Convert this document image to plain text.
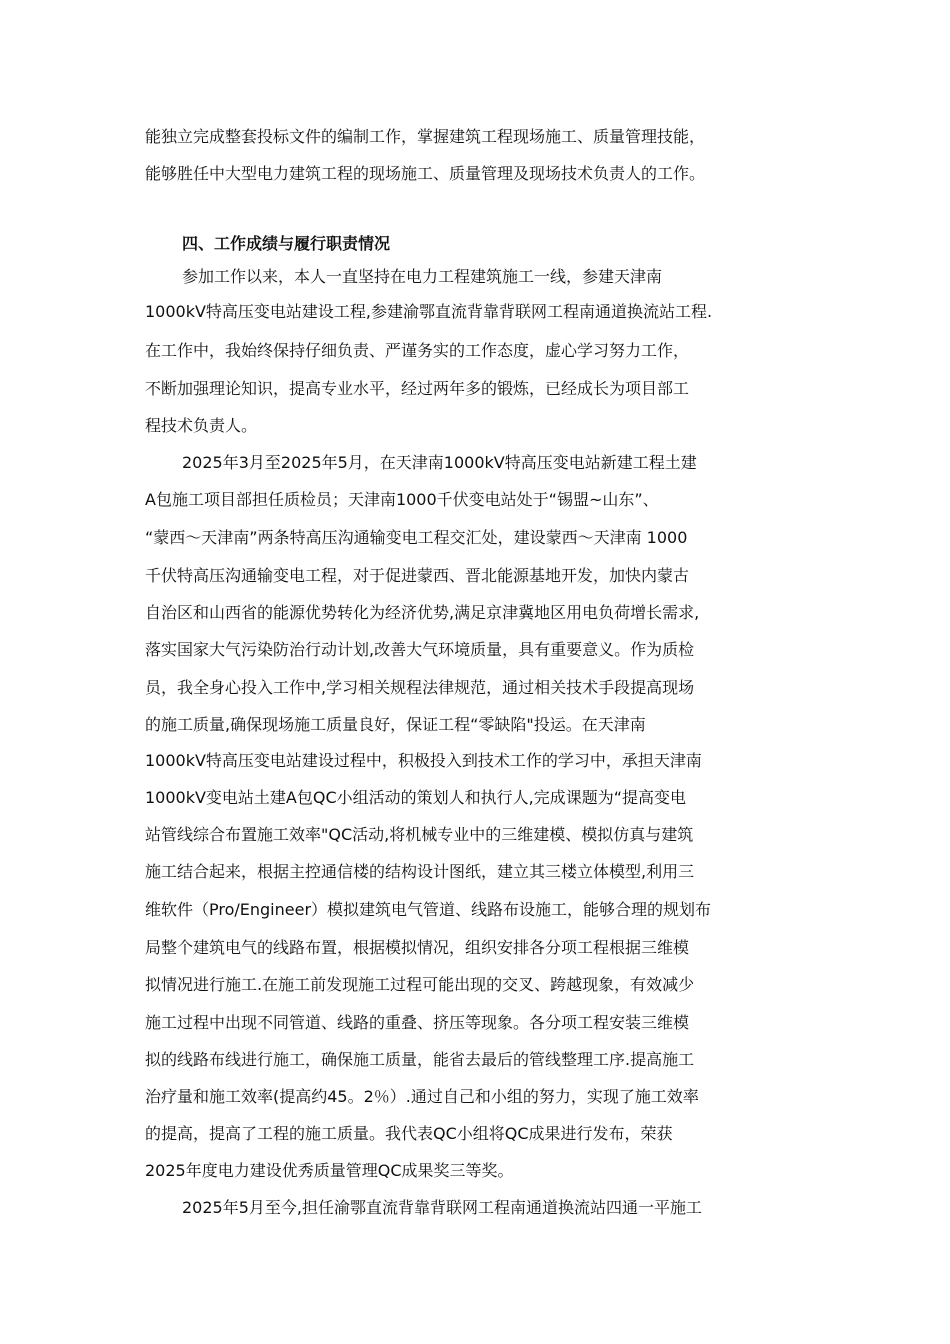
能独立完成整套投标文件的编制工作，掌握建筑工程现场施工、质量管理技能，

能够胜任中大型电力建筑工程的现场施工、质量管理及现场技术负责人的工作。

四、工作成绩与履行职责情况

参加工作以来，本人一直坚持在电力工程建筑施工一线，参建天津南

1000kV特高压变电站建设工程,参建渝鄂直流背靠背联网工程南通道换流站工程.

在工作中，我始终保持仔细负责、严谨务实的工作态度，虚心学习努力工作，

不断加强理论知识，提高专业水平，经过两年多的锻炼，已经成长为项目部工

程技术负责人。

2025年3月至2025年5月，在天津南1000kV特高压变电站新建工程土建

A包施工项目部担任质检员；天津南1000千伏变电站处于“锡盟~山东”、

“蒙西～天津南”两条特高压沟通输变电工程交汇处，建设蒙西～天津南 1000

千伏特高压沟通输变电工程，对于促进蒙西、晋北能源基地开发，加快内蒙古

自治区和山西省的能源优势转化为经济优势,满足京津冀地区用电负荷增长需求,

落实国家大气污染防治行动计划,改善大气环境质量，具有重要意义。作为质检

员，我全身心投入工作中,学习相关规程法律规范，通过相关技术手段提高现场

的施工质量,确保现场施工质量良好，保证工程“零缺陷"投运。在天津南

1000kV特高压变电站建设过程中，积极投入到技术工作的学习中，承担天津南

1000kV变电站土建A包QC小组活动的策划人和执行人,完成课题为“提高变电

站管线综合布置施工效率"QC活动,将机械专业中的三维建模、模拟仿真与建筑

施工结合起来，根据主控通信楼的结构设计图纸，建立其三楼立体模型,利用三

维软件（Pro/Engineer）模拟建筑电气管道、线路布设施工，能够合理的规划布

局整个建筑电气的线路布置，根据模拟情况，组织安排各分项工程根据三维模

拟情况进行施工.在施工前发现施工过程可能出现的交叉、跨越现象，有效减少

施工过程中出现不同管道、线路的重叠、挤压等现象。各分项工程安装三维模

拟的线路布线进行施工，确保施工质量，能省去最后的管线整理工序.提高施工

治疗量和施工效率(提高约45。2％）.通过自己和小组的努力，实现了施工效率

的提高，提高了工程的施工质量。我代表QC小组将QC成果进行发布，荣获

2025年度电力建设优秀质量管理QC成果奖三等奖。

2025年5月至今,担任渝鄂直流背靠背联网工程南通道换流站四通一平施工
